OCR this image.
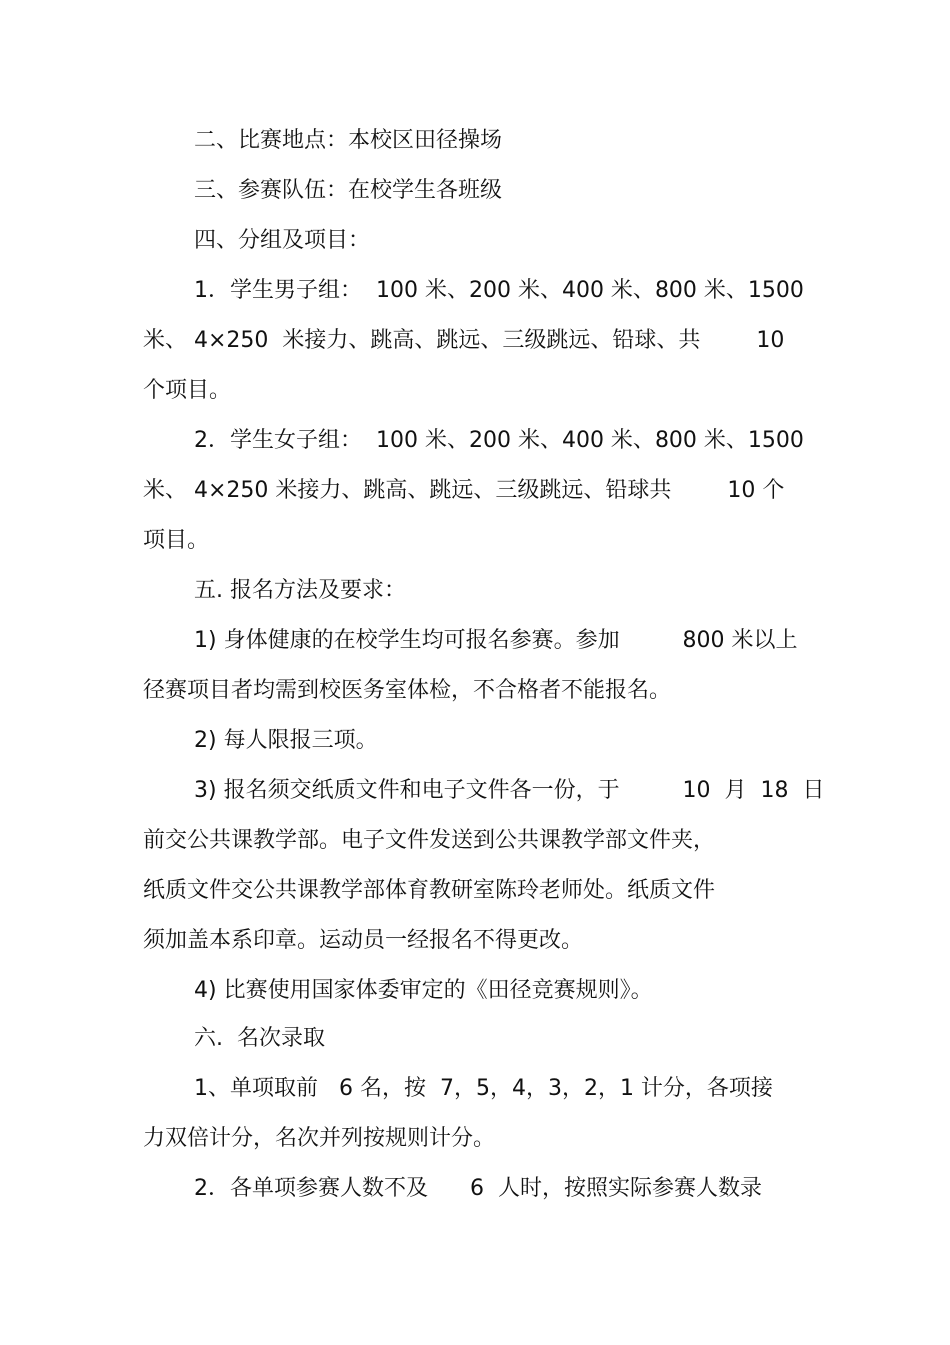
二、比赛地点：本校区田径操场
三、参赛队伍：在校学生各班级
四、分组及项目：
1．学生男子组：  100 米、200 米、400 米、800 米、1500
米、 4×250  米接力、跳高、跳远、三级跳远、铅球、共        10
个项目。
2．学生女子组：  100 米、200 米、400 米、800 米、1500
米、 4×250 米接力、跳高、跳远、三级跳远、铅球共        10 个
项目。
五. 报名方法及要求：
1) 身体健康的在校学生均可报名参赛。参加         800 米以上
径赛项目者均需到校医务室体检，不合格者不能报名。
2) 每人限报三项。
3) 报名须交纸质文件和电子文件各一份，于         10  月  18  日
前交公共课教学部。电子文件发送到公共课教学部文件夹，
纸质文件交公共课教学部体育教研室陈玲老师处。纸质文件
须加盖本系印章。运动员一经报名不得更改。
4) 比赛使用国家体委审定的《田径竞赛规则》。
六.  名次录取
1、单项取前   6 名，按  7，5，4，3，2，1 计分，各项接
力双倍计分，名次并列按规则计分。
2．各单项参赛人数不及      6  人时，按照实际参赛人数录
